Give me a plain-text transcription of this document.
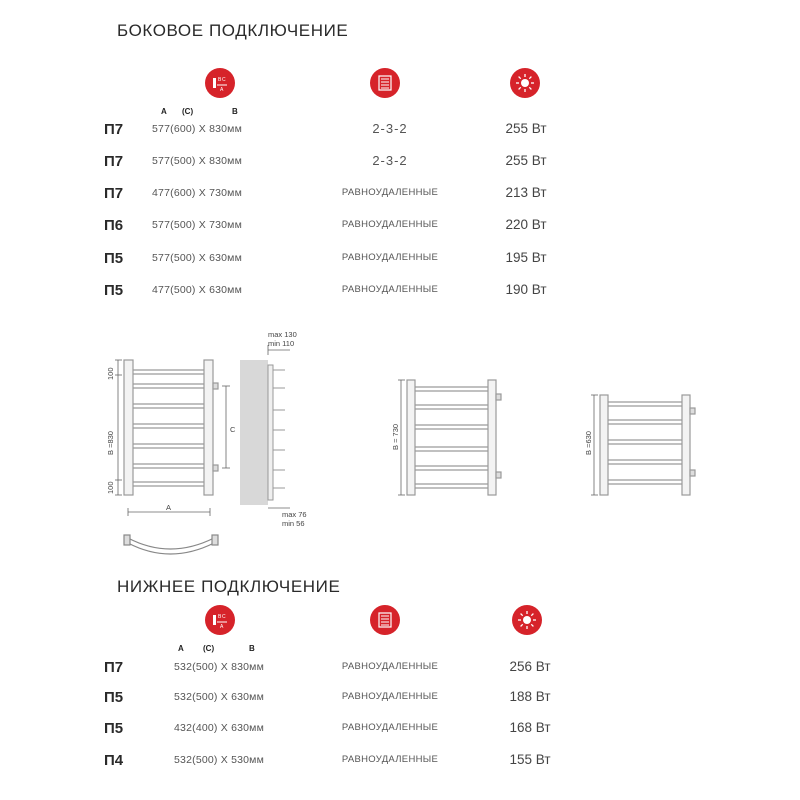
БОКОВОЕ ПОДКЛЮЧЕНИЕ
B C
A
A (C)	B
П7	577(600) X 830мм	2-3-2	255 Вт
П7	577(500) X 830мм	2-3-2	255 Вт
П7	477(600) X 730мм	РАВНОУДАЛЕННЫЕ	213 Вт
П6	577(500) X 730мм	РАВНОУДАЛЕННЫЕ	220 Вт
П5	577(500) X 630мм	РАВНОУДАЛЕННЫЕ	195 Вт
П5	477(500) X 630мм	РАВНОУДАЛЕННЫЕ	190 Вт
100
B =830
100
C
A
max 130
min 110
max 76
min 56
B = 730	B =630
НИЖНЕЕ ПОДКЛЮЧЕНИЕ
B C
A
A (C)	B
П7	532(500) X 830мм	РАВНОУДАЛЕННЫЕ	256 Вт
П5	532(500) X 630мм	РАВНОУДАЛЕННЫЕ	188 Вт
П5	432(400) X 630мм	РАВНОУДАЛЕННЫЕ	168 Вт
П4	532(500) X 530мм	РАВНОУДАЛЕННЫЕ	155 Вт
